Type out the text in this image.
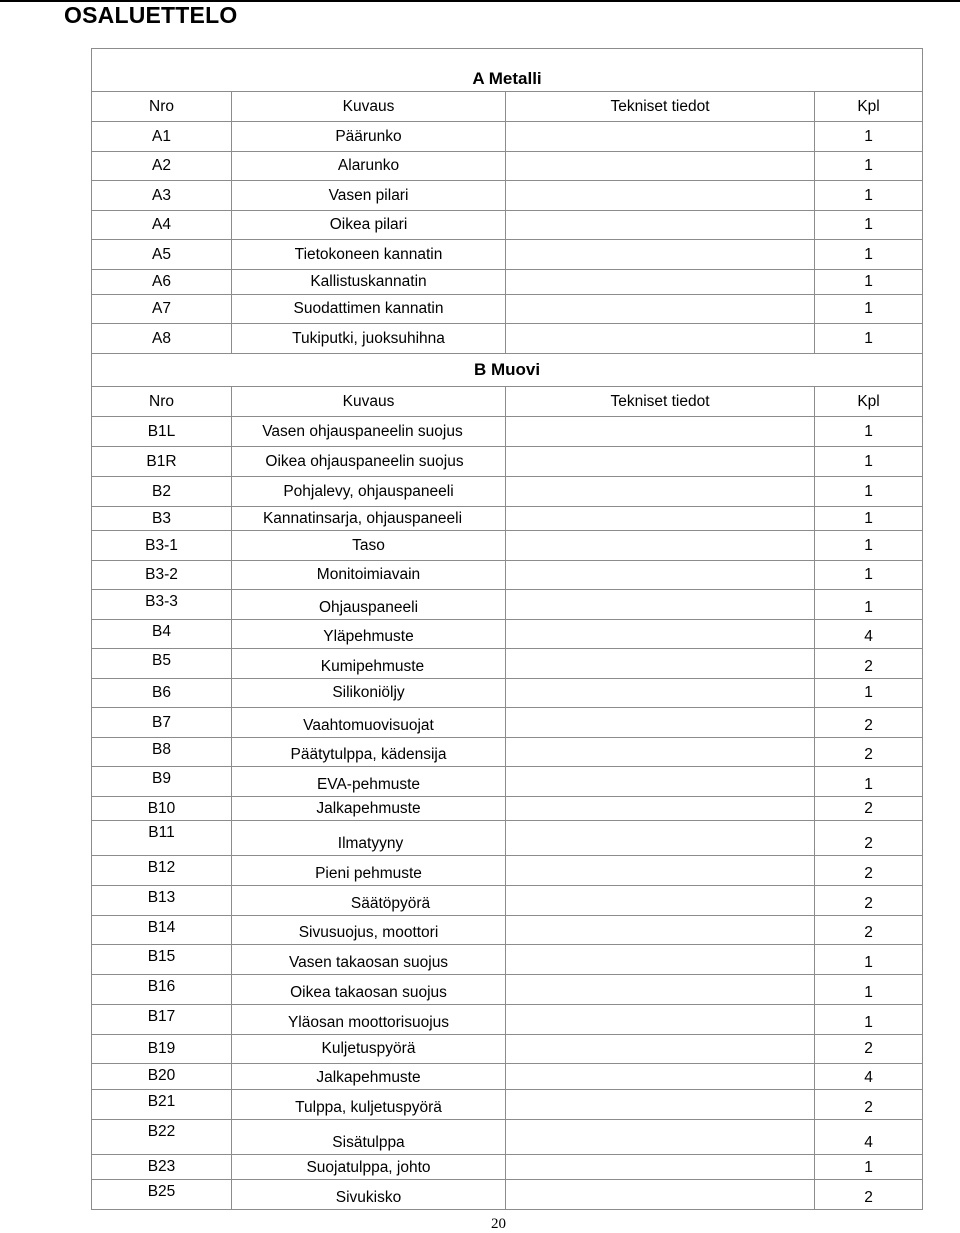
OSALUETTELO
A Metalli			
Nro	Kuvaus	Tekniset tiedot	Kpl
A1	Päärunko		1
A2	Alarunko		1
A3	Vasen pilari		1
A4	Oikea pilari		1
A5	Tietokoneen kannatin		1
A6	Kallistuskannatin		1
A7	Suodattimen kannatin		1
A8	Tukiputki, juoksuhihna		1
B Muovi			
Nro	Kuvaus	Tekniset tiedot	Kpl
B1L	Vasen ohjauspaneelin suojus		1
B1R	Oikea ohjauspaneelin suojus		1
B2	Pohjalevy, ohjauspaneeli		1
B3	Kannatinsarja, ohjauspaneeli		1
B3-1	Taso		1
B3-2	Monitoimiavain		1
B3-3	Ohjauspaneeli		1
B4	Yläpehmuste		4
B5	Kumipehmuste		2
B6	Silikoniöljy		1
B7	Vaahtomuovisuojat		2
B8	Päätytulppa, kädensija		2
B9	EVA-pehmuste		1
B10	Jalkapehmuste		2
B11	Ilmatyyny		2
B12	Pieni pehmuste		2
B13	Säätöpyörä		2
B14	Sivusuojus, moottori		2
B15	Vasen takaosan suojus		1
B16	Oikea takaosan suojus		1
B17	Yläosan moottorisuojus		1
B19	Kuljetuspyörä		2
B20	Jalkapehmuste		4
B21	Tulppa, kuljetuspyörä		2
B22	Sisätulppa		4
B23	Suojatulppa, johto		1
B25	Sivukisko		2
20
